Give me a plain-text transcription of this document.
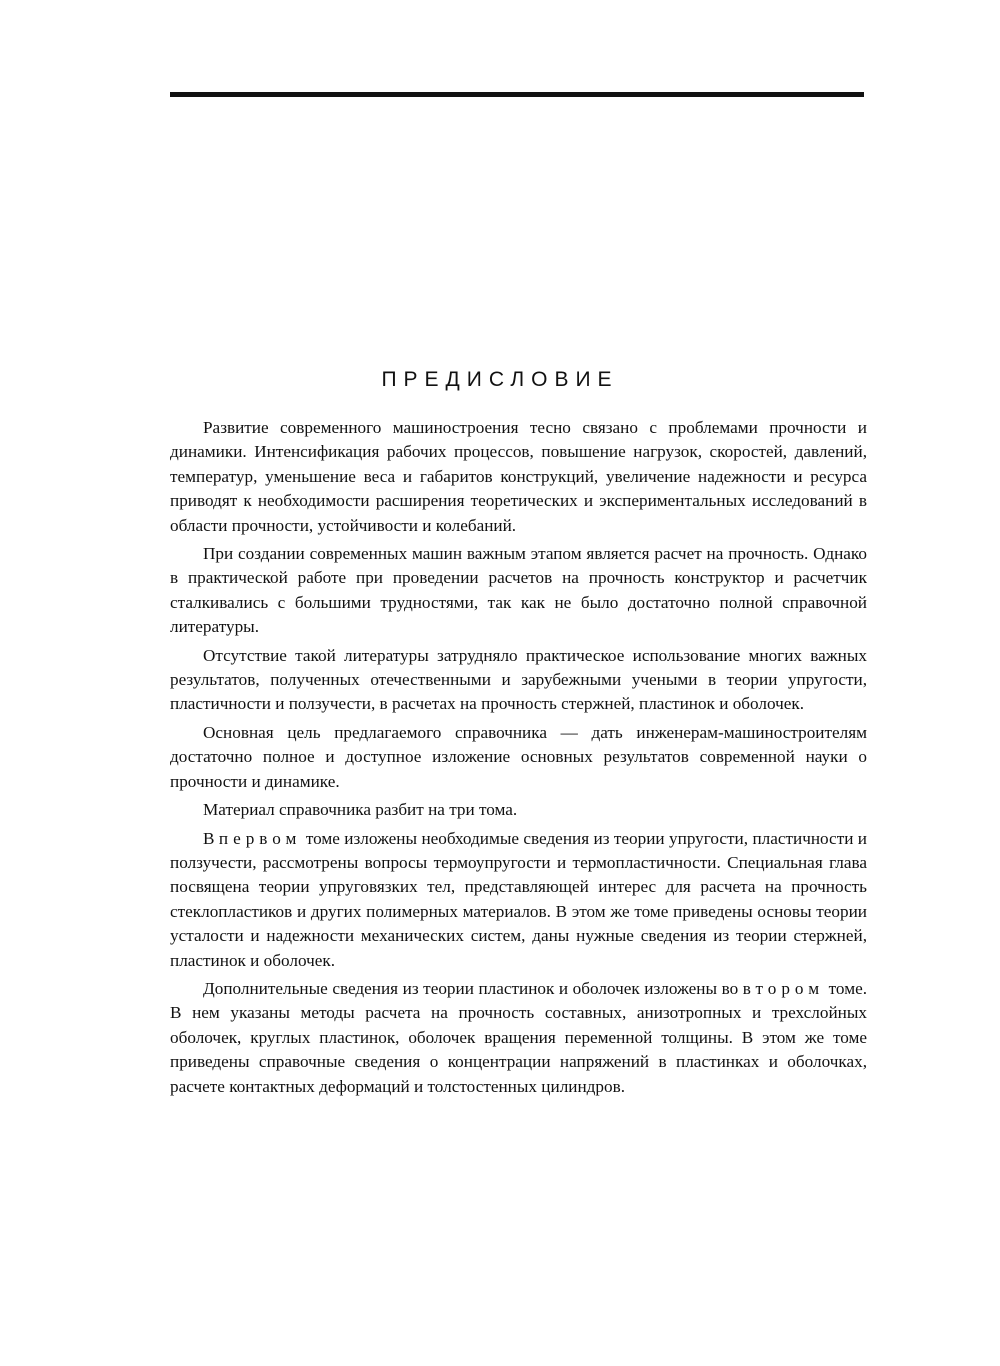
ПРЕДИСЛОВИЕ

Развитие современного машиностроения тесно связано с проблемами прочности и динамики. Интенсификация рабочих процессов, повышение нагрузок, скоростей, давлений, температур, уменьшение веса и габаритов конструкций, увеличение надежности и ресурса приводят к необходимости расширения теоретических и экспериментальных исследований в области прочности, устойчивости и колебаний.

При создании современных машин важным этапом является расчет на прочность. Однако в практической работе при проведении расчетов на прочность конструктор и расчетчик сталкивались с большими трудностями, так как не было достаточно полной справочной литературы.

Отсутствие такой литературы затрудняло практическое использование многих важных результатов, полученных отечественными и зарубежными учеными в теории упругости, пластичности и ползучести, в расчетах на прочность стержней, пластинок и оболочек.

Основная цель предлагаемого справочника — дать инженерам-машиностроителям достаточно полное и доступное изложение основных результатов современной науки о прочности и динамике.

Материал справочника разбит на три тома.

В первом томе изложены необходимые сведения из теории упругости, пластичности и ползучести, рассмотрены вопросы термоупругости и термопластичности. Специальная глава посвящена теории упруговязких тел, представляющей интерес для расчета на прочность стеклопластиков и других полимерных материалов. В этом же томе приведены основы теории усталости и надежности механических систем, даны нужные сведения из теории стержней, пластинок и оболочек.

Дополнительные сведения из теории пластинок и оболочек изложены во втором томе. В нем указаны методы расчета на прочность составных, анизотропных и трехслойных оболочек, круглых пластинок, оболочек вращения переменной толщины. В этом же томе приведены справочные сведения о концентрации напряжений в пластинках и оболочках, расчете контактных деформаций и толстостенных цилиндров.
